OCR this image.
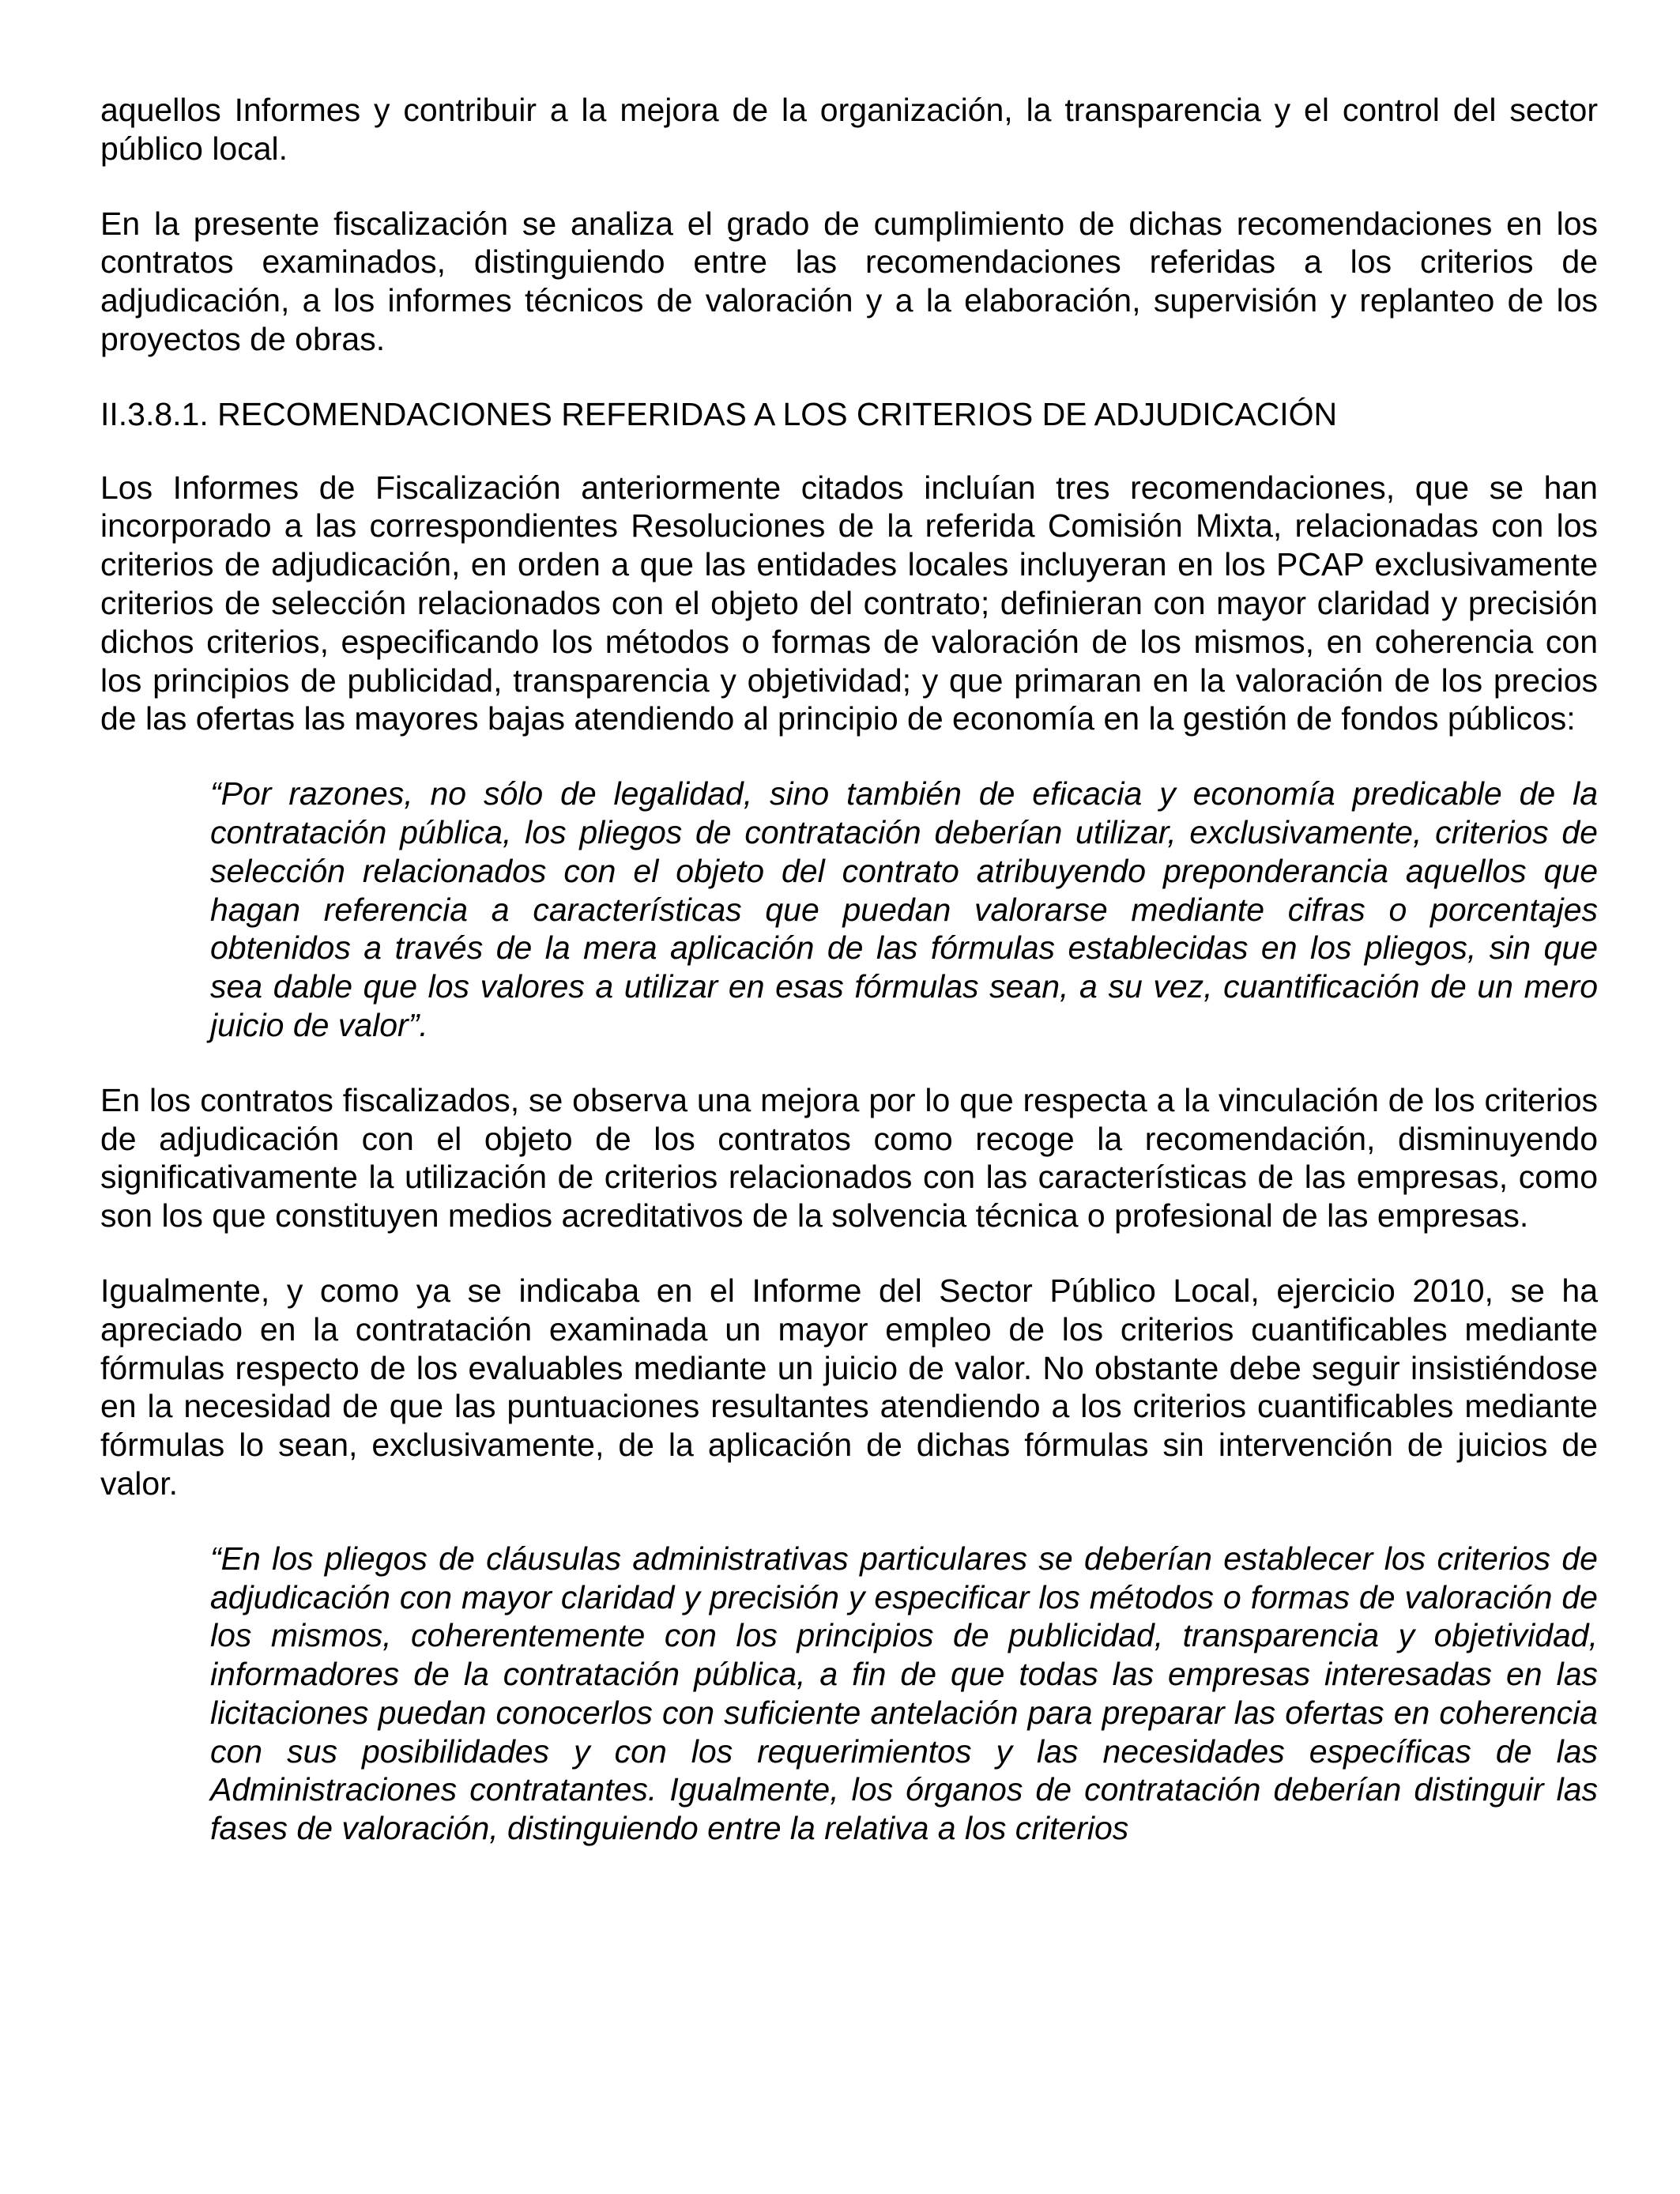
aquellos Informes y contribuir a la mejora de la organización, la transparencia y el control del sector público local.

En la presente fiscalización se analiza el grado de cumplimiento de dichas recomendaciones en los contratos examinados, distinguiendo entre las recomendaciones referidas a los criterios de adjudicación, a los informes técnicos de valoración y a la elaboración, supervisión y replanteo de los proyectos de obras.

II.3.8.1. RECOMENDACIONES REFERIDAS A LOS CRITERIOS DE ADJUDICACIÓN

Los Informes de Fiscalización anteriormente citados incluían tres recomendaciones, que se han incorporado a las correspondientes Resoluciones de la referida Comisión Mixta, relacionadas con los criterios de adjudicación, en orden a que las entidades locales incluyeran en los PCAP exclusivamente criterios de selección relacionados con el objeto del contrato; definieran con mayor claridad y precisión dichos criterios, especificando los métodos o formas de valoración de los mismos, en coherencia con los principios de publicidad, transparencia y objetividad; y que primaran en la valoración de los precios de las ofertas las mayores bajas atendiendo al principio de economía en la gestión de fondos públicos:

“Por razones, no sólo de legalidad, sino también de eficacia y economía predicable de la contratación pública, los pliegos de contratación deberían utilizar, exclusivamente, criterios de selección relacionados con el objeto del contrato atribuyendo preponderancia aquellos que hagan referencia a características que puedan valorarse mediante cifras o porcentajes obtenidos a través de la mera aplicación de las fórmulas establecidas en los pliegos, sin que sea dable que los valores a utilizar en esas fórmulas sean, a su vez, cuantificación de un mero juicio de valor”.

En los contratos fiscalizados, se observa una mejora por lo que respecta a la vinculación de los criterios de adjudicación con el objeto de los contratos como recoge la recomendación, disminuyendo significativamente la utilización de criterios relacionados con las características de las empresas, como son los que constituyen medios acreditativos de la solvencia técnica o profesional de las empresas.

Igualmente, y como ya se indicaba en el Informe del Sector Público Local, ejercicio 2010, se ha apreciado en la contratación examinada un mayor empleo de los criterios cuantificables mediante fórmulas respecto de los evaluables mediante un juicio de valor. No obstante debe seguir insistiéndose en la necesidad de que las puntuaciones resultantes atendiendo a los criterios cuantificables mediante fórmulas lo sean, exclusivamente, de la aplicación de dichas fórmulas sin intervención de juicios de valor.

“En los pliegos de cláusulas administrativas particulares se deberían establecer los criterios de adjudicación con mayor claridad y precisión y especificar los métodos o formas de valoración de los mismos, coherentemente con los principios de publicidad, transparencia y objetividad, informadores de la contratación pública, a fin de que todas las empresas interesadas en las licitaciones puedan conocerlos con suficiente antelación para preparar las ofertas en coherencia con sus posibilidades y con los requerimientos y las necesidades específicas de las Administraciones contratantes. Igualmente, los órganos de contratación deberían distinguir las fases de valoración, distinguiendo entre la relativa a los criterios
